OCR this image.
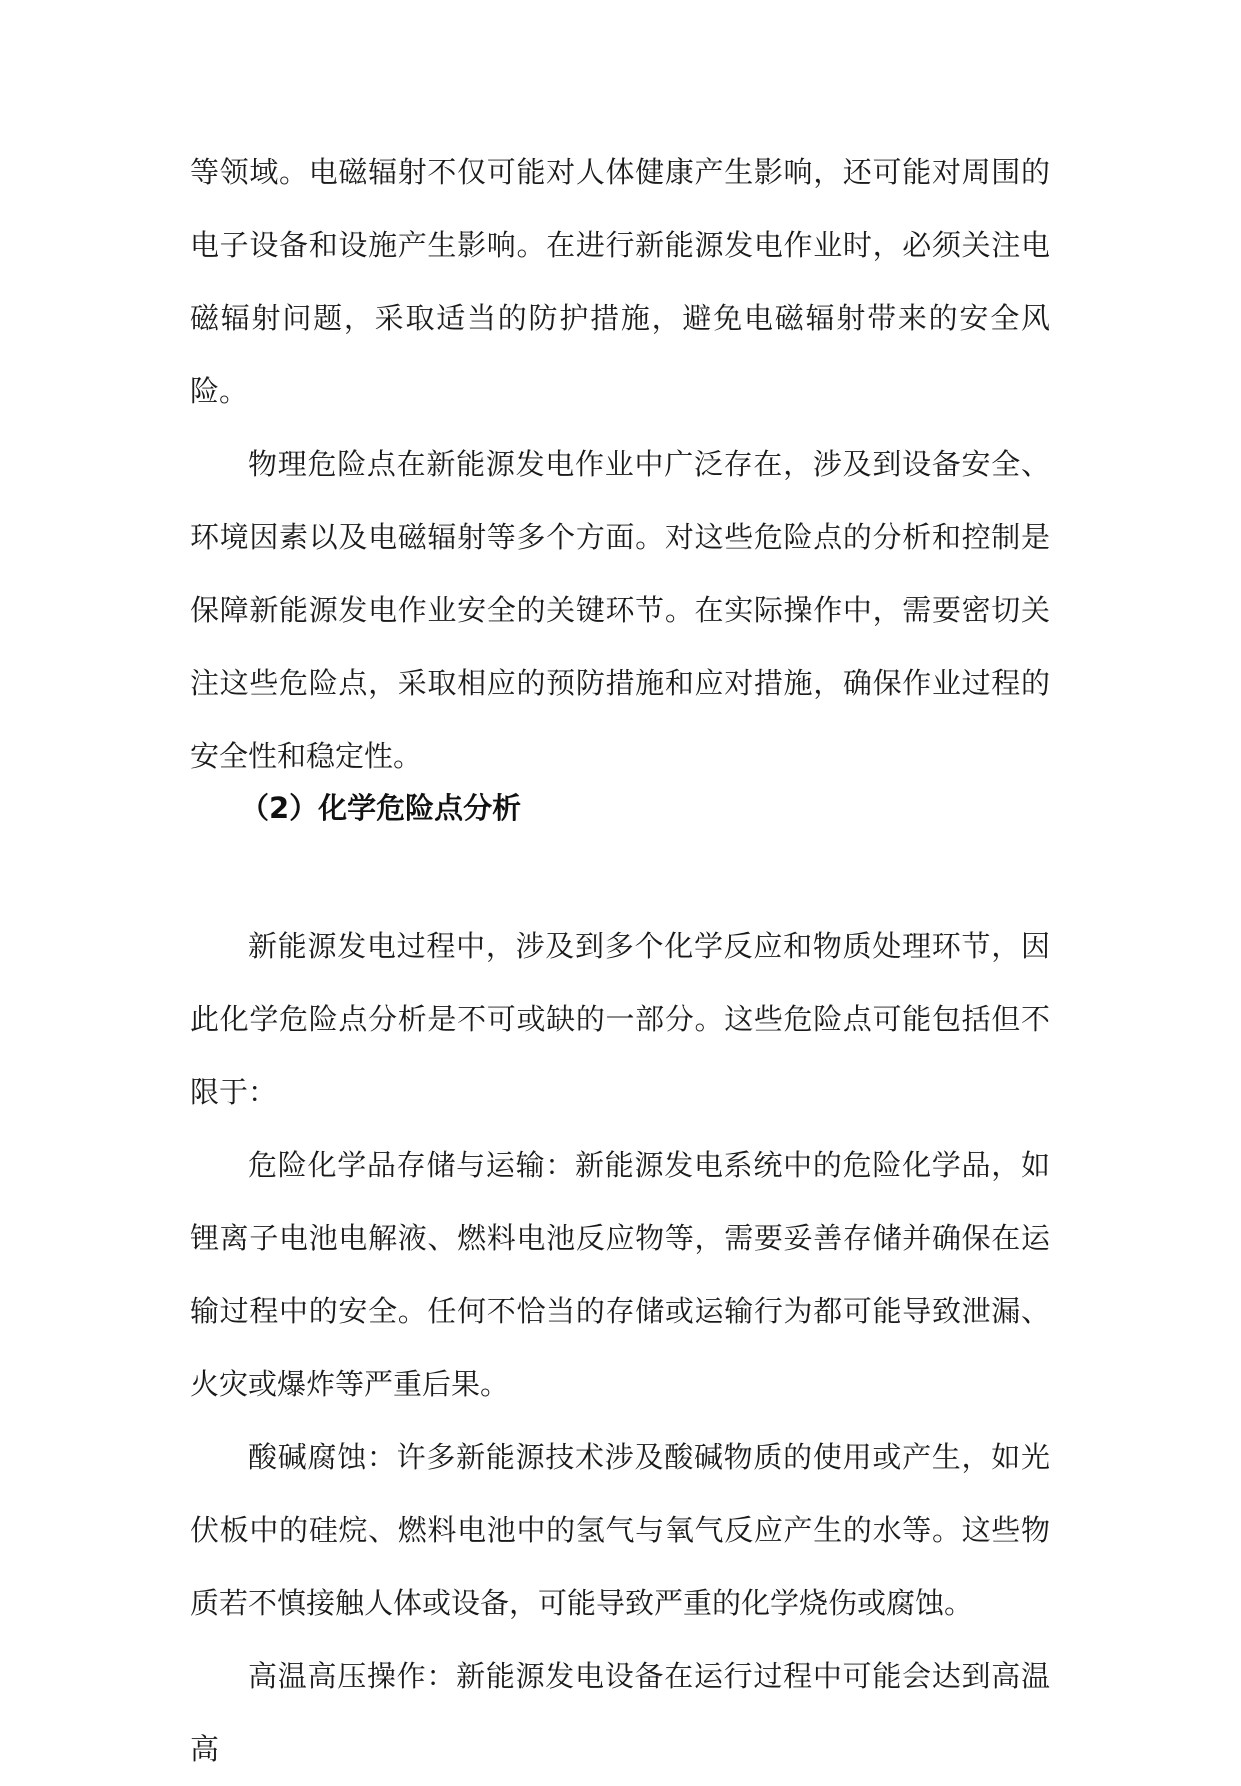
等领域。电磁辐射不仅可能对人体健康产生影响，还可能对周围的电子设备和设施产生影响。在进行新能源发电作业时，必须关注电磁辐射问题，采取适当的防护措施，避免电磁辐射带来的安全风险。

物理危险点在新能源发电作业中广泛存在，涉及到设备安全、环境因素以及电磁辐射等多个方面。对这些危险点的分析和控制是保障新能源发电作业安全的关键环节。在实际操作中，需要密切关注这些危险点，采取相应的预防措施和应对措施，确保作业过程的安全性和稳定性。

（2）化学危险点分析

新能源发电过程中，涉及到多个化学反应和物质处理环节，因此化学危险点分析是不可或缺的一部分。这些危险点可能包括但不限于：

危险化学品存储与运输：新能源发电系统中的危险化学品，如锂离子电池电解液、燃料电池反应物等，需要妥善存储并确保在运输过程中的安全。任何不恰当的存储或运输行为都可能导致泄漏、火灾或爆炸等严重后果。

酸碱腐蚀：许多新能源技术涉及酸碱物质的使用或产生，如光伏板中的硅烷、燃料电池中的氢气与氧气反应产生的水等。这些物质若不慎接触人体或设备，可能导致严重的化学烧伤或腐蚀。

高温高压操作：新能源发电设备在运行过程中可能会达到高温高
